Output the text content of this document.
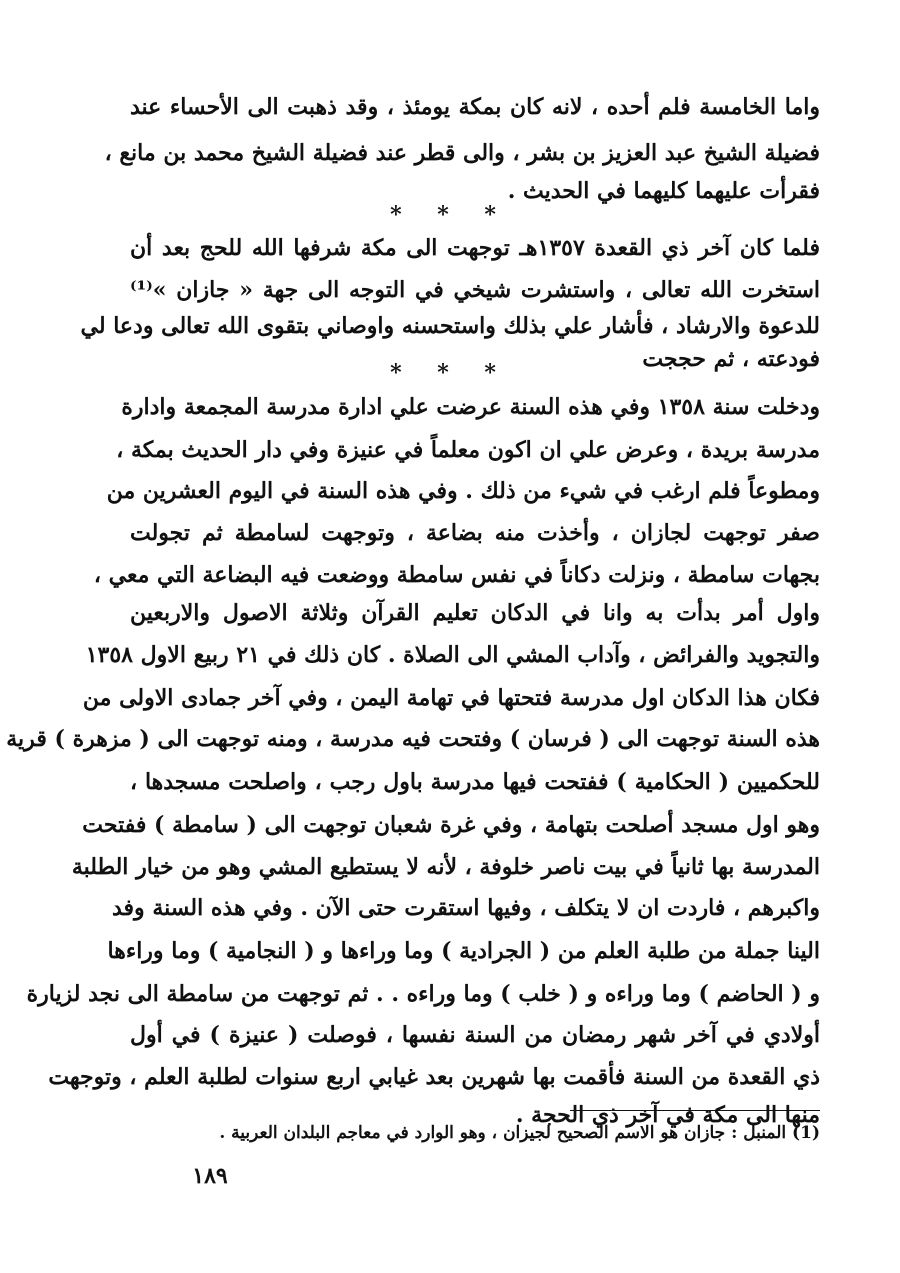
واما الخامسة فلم أحده ، لانه كان بمكة يومئذ ، وقد ذهبت الى الأحساء عند
فضيلة الشيخ عبد العزيز بن بشر ، والى قطر عند فضيلة الشيخ محمد بن مانع ،
فقرأت عليهما كليهما في الحديث .
* * *
فلما كان آخر ذي القعدة ١٣٥٧هـ توجهت الى مكة شرفها الله للحج بعد أن
استخرت الله تعالى ، واستشرت شيخي في التوجه الى جهة « جازان »⁽¹⁾
للدعوة والارشاد ، فأشار علي بذلك واستحسنه واوصاني بتقوى الله تعالى ودعا لي
فودعته ، ثم حججت
* * *
ودخلت سنة ١٣٥٨ وفي هذه السنة عرضت علي ادارة مدرسة المجمعة وادارة
مدرسة بريدة ، وعرض علي ان اكون معلماً في عنيزة وفي دار الحديث بمكة ،
ومطوعاً فلم ارغب في شيء من ذلك . وفي هذه السنة في اليوم العشرين من
صفر توجهت لجازان ، وأخذت منه بضاعة ، وتوجهت لسامطة ثم تجولت
بجهات سامطة ، ونزلت دكاناً في نفس سامطة ووضعت فيه البضاعة التي معي ،
واول أمر بدأت به وانا في الدكان تعليم القرآن وثلاثة الاصول والاربعين
والتجويد والفرائض ، وآداب المشي الى الصلاة . كان ذلك في ٢١ ربيع الاول ١٣٥٨
فكان هذا الدكان اول مدرسة فتحتها في تهامة اليمن ، وفي آخر جمادى الاولى من
هذه السنة توجهت الى ( فرسان ) وفتحت فيه مدرسة ، ومنه توجهت الى ( مزهرة ) قرية
للحكميين ( الحكامية ) ففتحت فيها مدرسة باول رجب ، واصلحت مسجدها ،
وهو اول مسجد أصلحت بتهامة ، وفي غرة شعبان توجهت الى ( سامطة ) ففتحت
المدرسة بها ثانياً في بيت ناصر خلوفة ، لأنه لا يستطيع المشي وهو من خيار الطلبة
واكبرهم ، فاردت ان لا يتكلف ، وفيها استقرت حتى الآن . وفي هذه السنة وفد
الينا جملة من طلبة العلم من ( الجرادية ) وما وراءها و ( النجامية ) وما وراءها
و ( الحاضم ) وما وراءه و ( خلب ) وما وراءه . . ثم توجهت من سامطة الى نجد لزيارة
أولادي في آخر شهر رمضان من السنة نفسها ، فوصلت ( عنيزة ) في أول
ذي القعدة من السنة فأقمت بها شهرين بعد غيابي اربع سنوات لطلبة العلم ، وتوجهت
منها الى مكة في آخر ذي الحجة .
(1) المنبل : جازان هو الاسم الصحيح لجيزان ، وهو الوارد في معاجم البلدان العربية .
١٨٩
